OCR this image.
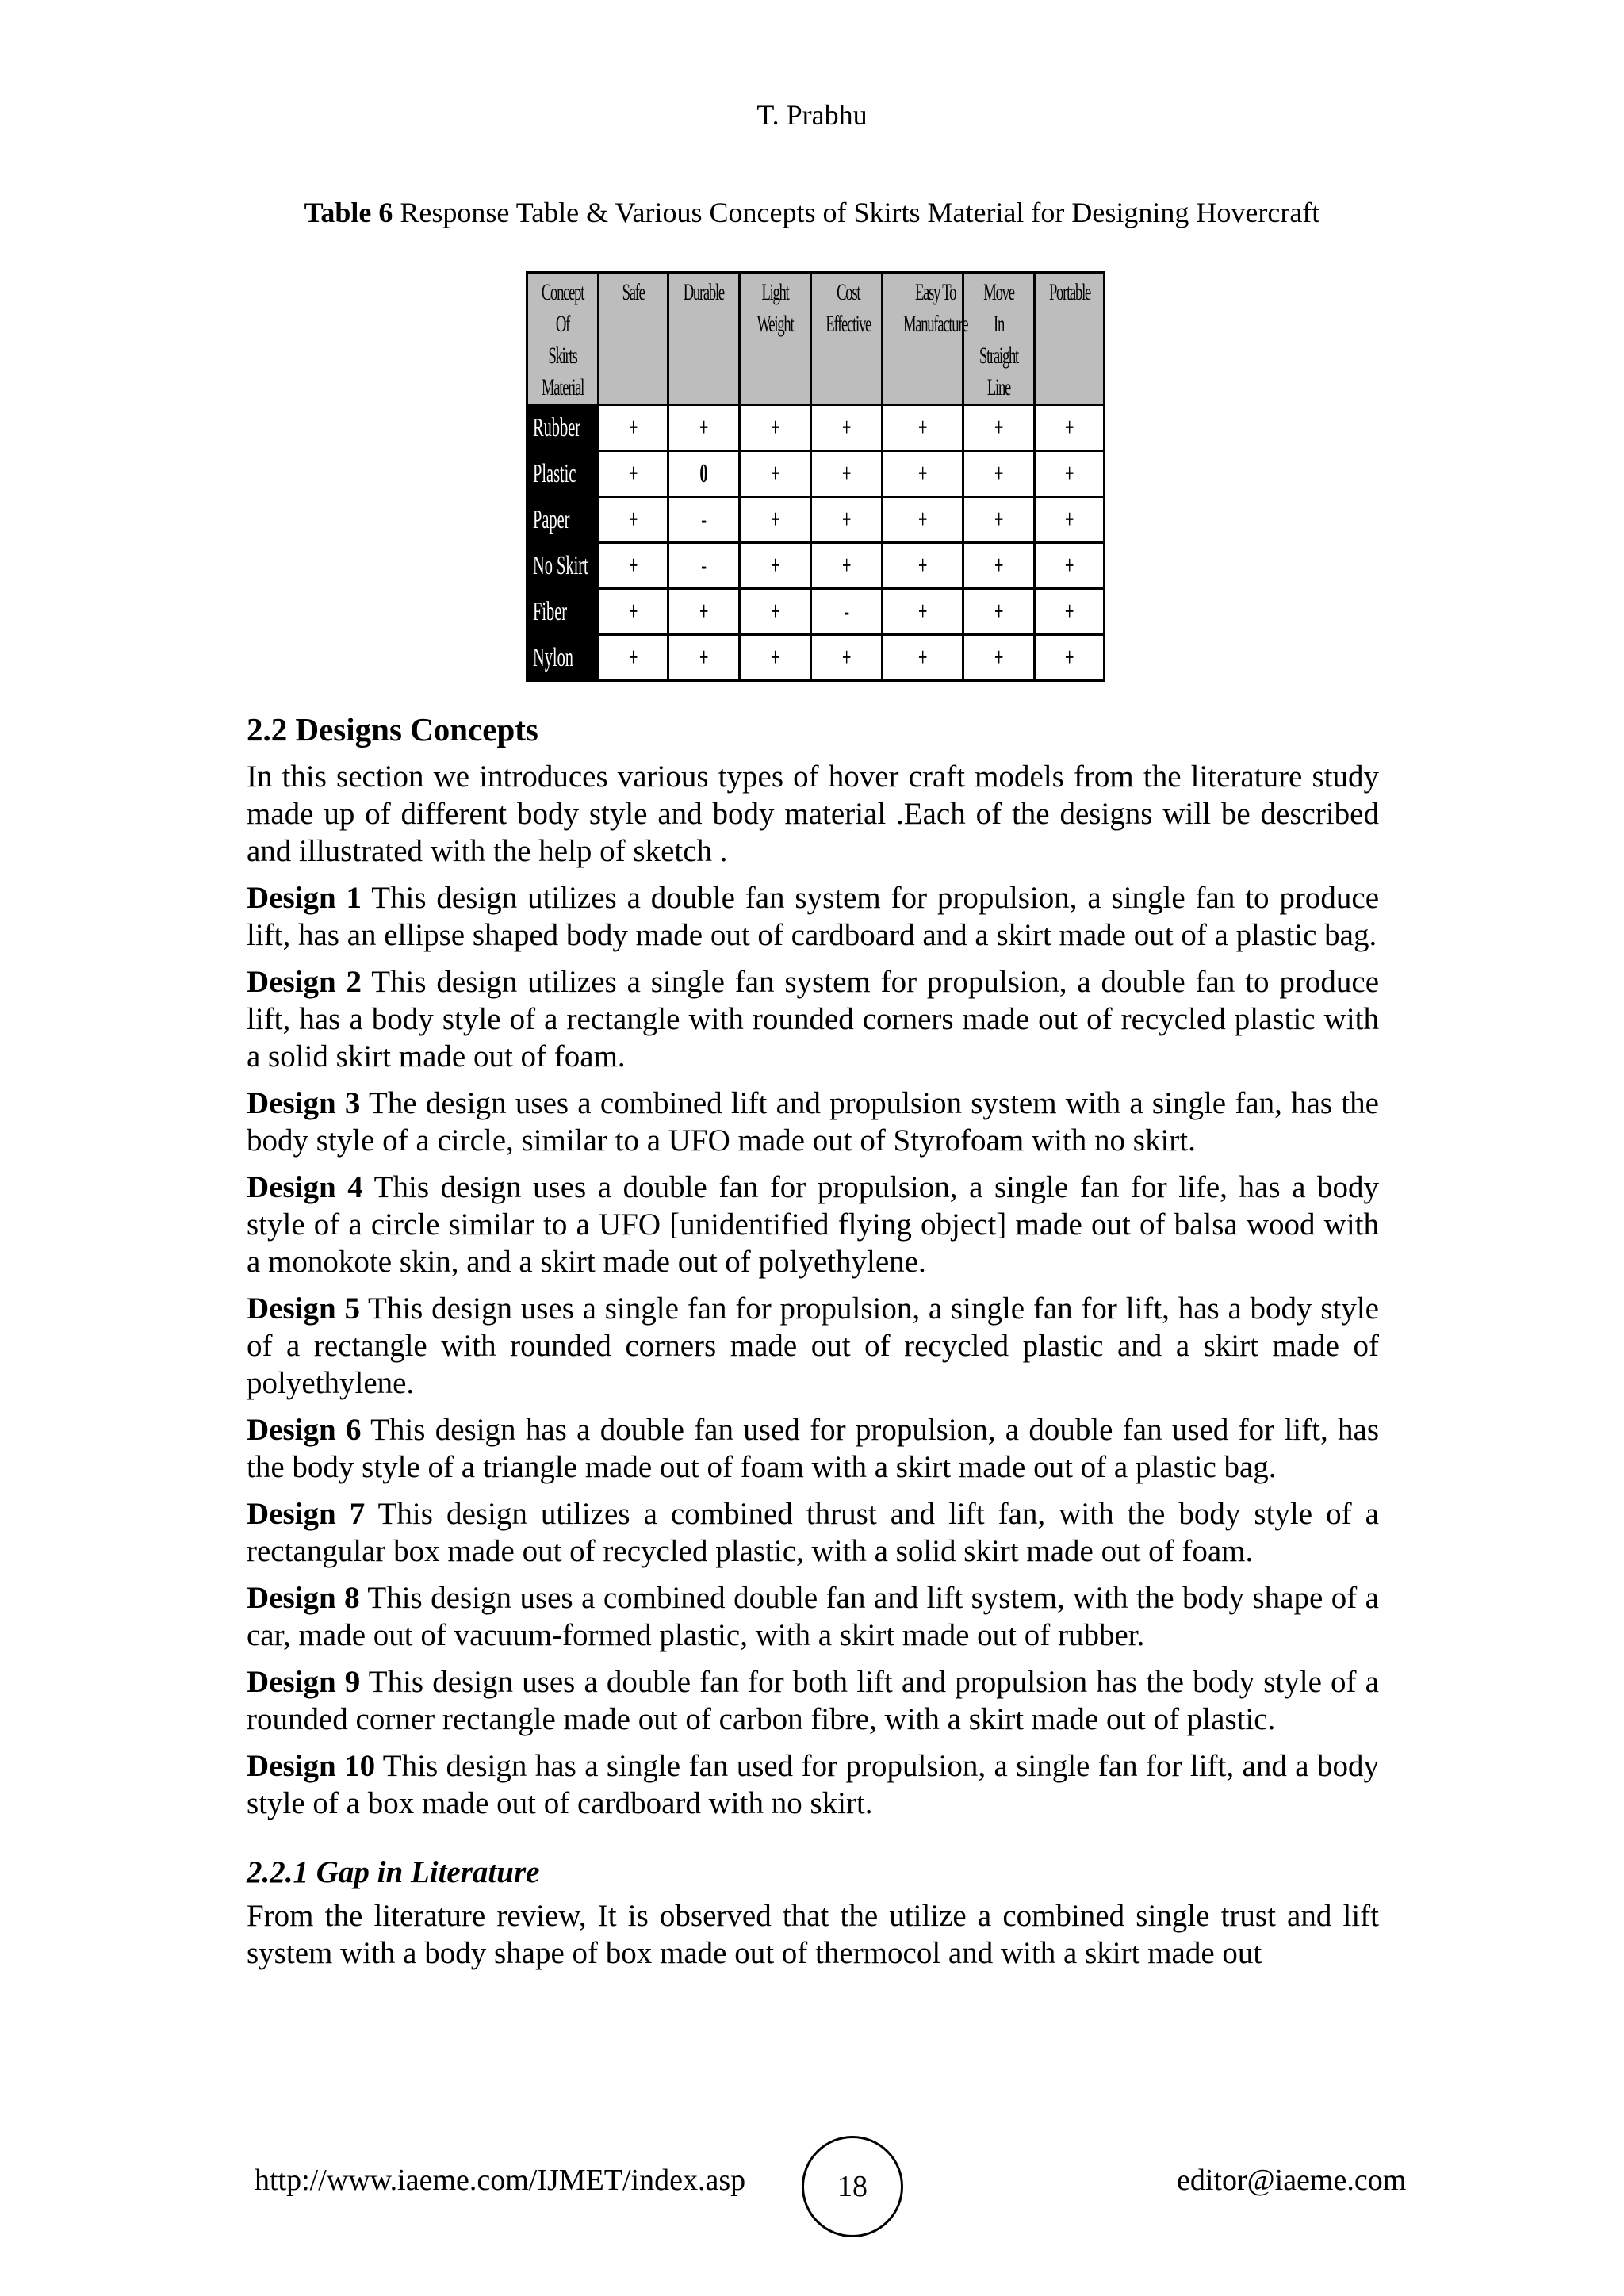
T. Prabhu
Table 6 Response Table & Various Concepts of Skirts Material for Designing Hovercraft
Concept Of Skirts Material	Safe	Durable	Light Weight	Cost Effective	Easy To Manufacture	Move In Straight Line	Portable
Rubber	+	+	+	+	+	+	+
Plastic	+	0	+	+	+	+	+
Paper	+	-	+	+	+	+	+
No Skirt	+	-	+	+	+	+	+
Fiber	+	+	+	-	+	+	+
Nylon	+	+	+	+	+	+	+
2.2 Designs Concepts

In this section we introduces various types of hover craft models from the literature study made up of different body style and body material .Each of the designs will be described and illustrated with the help of sketch .

Design 1 This design utilizes a double fan system for propulsion, a single fan to produce lift, has an ellipse shaped body made out of cardboard and a skirt made out of a plastic bag.

Design 2 This design utilizes a single fan system for propulsion, a double fan to produce lift, has a body style of a rectangle with rounded corners made out of recycled plastic with a solid skirt made out of foam.

Design 3 The design uses a combined lift and propulsion system with a single fan, has the body style of a circle, similar to a UFO made out of Styrofoam with no skirt.

Design 4 This design uses a double fan for propulsion, a single fan for life, has a body style of a circle similar to a UFO [unidentified flying object] made out of balsa wood with a monokote skin, and a skirt made out of polyethylene.

Design 5 This design uses a single fan for propulsion, a single fan for lift, has a body style of a rectangle with rounded corners made out of recycled plastic and a skirt made of polyethylene.

Design 6 This design has a double fan used for propulsion, a double fan used for lift, has the body style of a triangle made out of foam with a skirt made out of a plastic bag.

Design 7 This design utilizes a combined thrust and lift fan, with the body style of a rectangular box made out of recycled plastic, with a solid skirt made out of foam.

Design 8 This design uses a combined double fan and lift system, with the body shape of a car, made out of vacuum-formed plastic, with a skirt made out of rubber.

Design 9 This design uses a double fan for both lift and propulsion has the body style of a rounded corner rectangle made out of carbon fibre, with a skirt made out of plastic.

Design 10 This design has a single fan used for propulsion, a single fan for lift, and a body style of a box made out of cardboard with no skirt.

2.2.1 Gap in Literature

From the literature review, It is observed that the utilize a combined single trust and lift system with a body shape of box made out of thermocol and with a skirt made out

http://www.iaeme.com/IJMET/index.asp	18	editor@iaeme.com
